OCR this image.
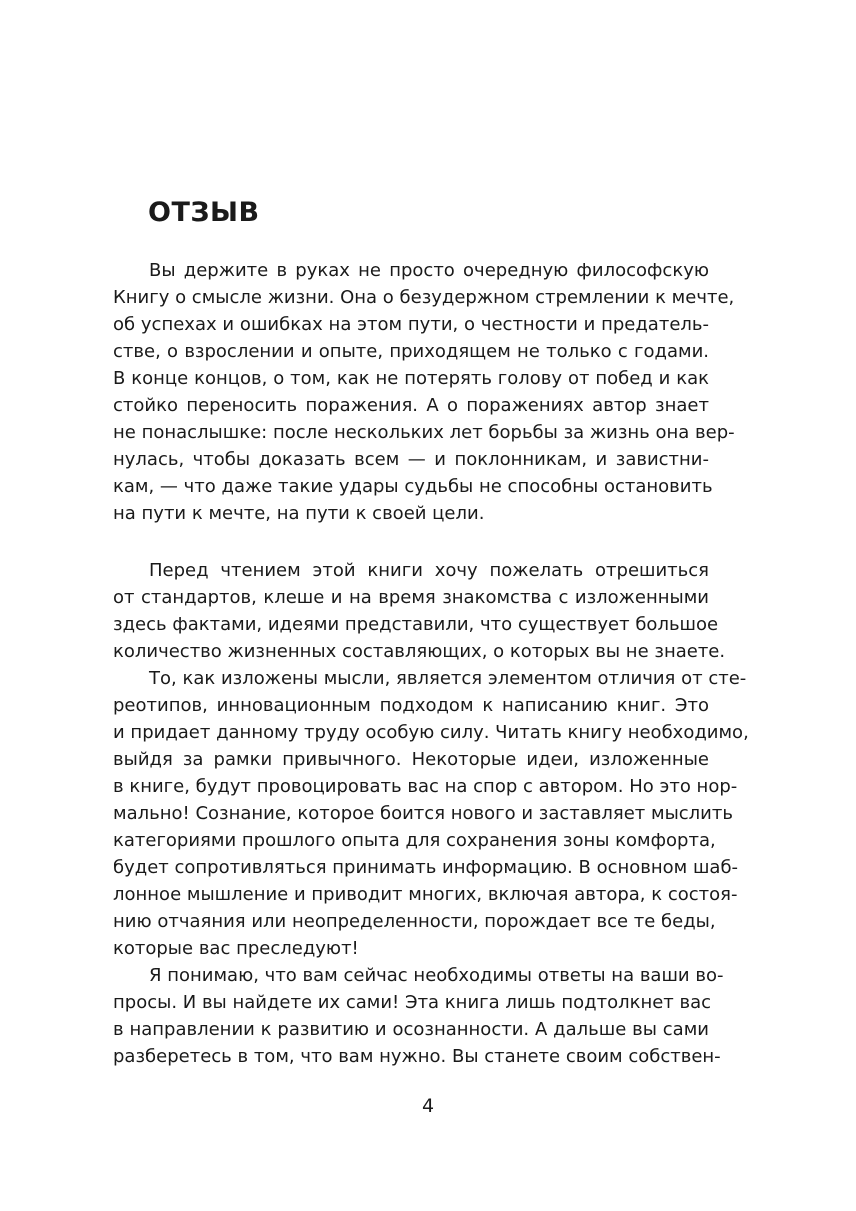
ОТЗЫВ
Вы держите в руках не просто очередную философскую
Книгу о смысле жизни. Она о безудержном стремлении к мечте,
об успехах и ошибках на этом пути, о честности и предатель-
стве, о взрослении и опыте, приходящем не только с годами.
В конце концов, о том, как не потерять голову от побед и как
стойко переносить поражения. А о поражениях автор знает
не понаслышке: после нескольких лет борьбы за жизнь она вер-
нулась, чтобы доказать всем — и поклонникам, и завистни-
кам, — что даже такие удары судьбы не способны остановить
на пути к мечте, на пути к своей цели.
Перед чтением этой книги хочу пожелать отрешиться
от стандартов, клеше и на время знакомства с изложенными
здесь фактами, идеями представили, что существует большое
количество жизненных составляющих, о которых вы не знаете.
То, как изложены мысли, является элементом отличия от сте-
реотипов, инновационным подходом к написанию книг. Это
и придает данному труду особую силу. Читать книгу необходимо,
выйдя за рамки привычного. Некоторые идеи, изложенные
в книге, будут провоцировать вас на спор с автором. Но это нор-
мально! Сознание, которое боится нового и заставляет мыслить
категориями прошлого опыта для сохранения зоны комфорта,
будет сопротивляться принимать информацию. В основном шаб-
лонное мышление и приводит многих, включая автора, к состоя-
нию отчаяния или неопределенности, порождает все те беды,
которые вас преследуют!
Я понимаю, что вам сейчас необходимы ответы на ваши во-
просы. И вы найдете их сами! Эта книга лишь подтолкнет вас
в направлении к развитию и осознанности. А дальше вы сами
разберетесь в том, что вам нужно. Вы станете своим собствен-
4
